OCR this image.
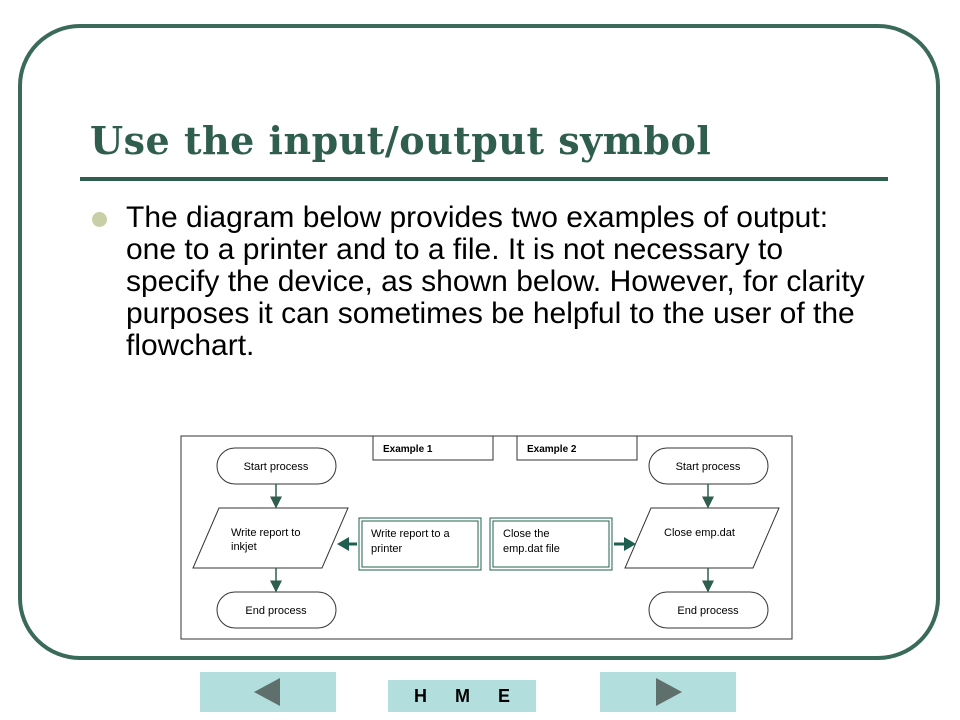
Use the input/output symbol

The diagram below provides two examples of output: one to a printer and to a file. It is not necessary to specify the device, as shown below. However, for clarity purposes it can sometimes be helpful to the user of the flowchart.

Example 1	Example 2
Start process
Write report to
inkjet
End process
Start process
Close emp.dat
End process
Write report to a
printer
Close the
emp.dat file
H M E
